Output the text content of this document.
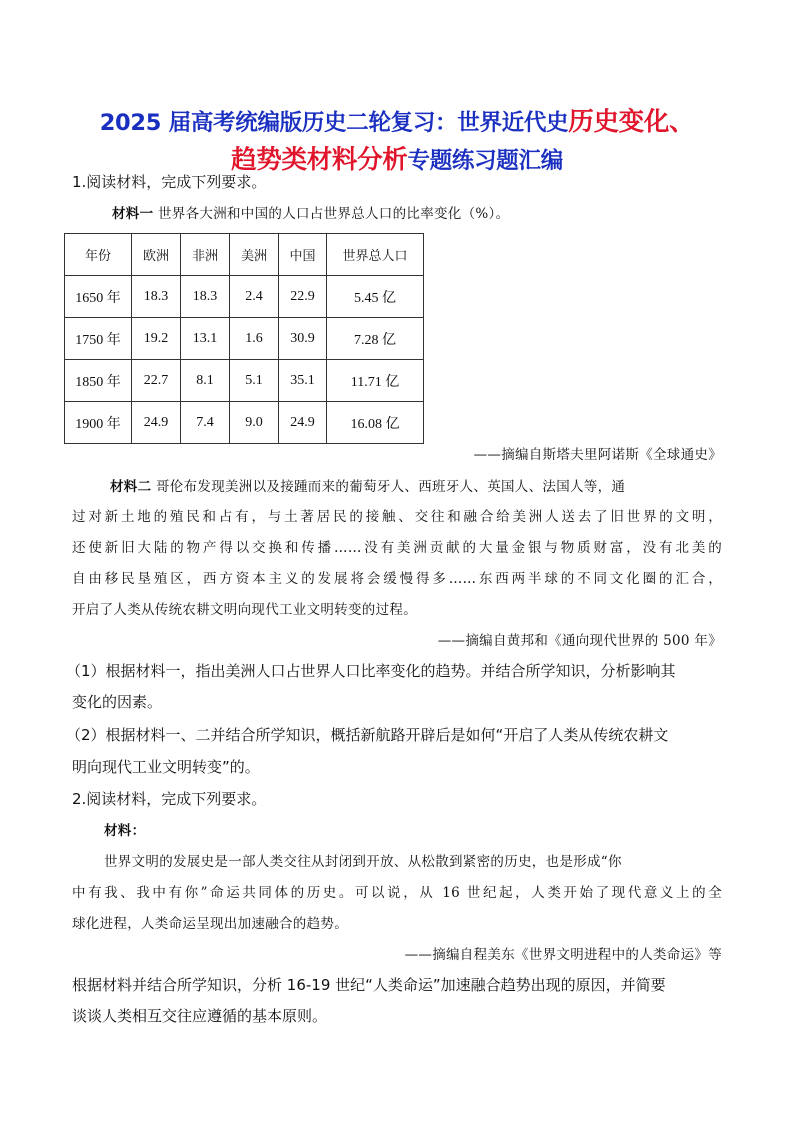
2025 届高考统编版历史二轮复习：世界近代史历史变化、
趋势类材料分析专题练习题汇编
1.阅读材料，完成下列要求。
材料一 世界各大洲和中国的人口占世界总人口的比率变化（%）。
年份	欧洲	非洲	美洲	中国	世界总人口
1650 年	18.3	18.3	2.4	22.9	5.45 亿
1750 年	19.2	13.1	1.6	30.9	7.28 亿
1850 年	22.7	8.1	5.1	35.1	11.71 亿
1900 年	24.9	7.4	9.0	24.9	16.08 亿
——摘编自斯塔夫里阿诺斯《全球通史》
材料二 哥伦布发现美洲以及接踵而来的葡萄牙人、西班牙人、英国人、法国人等，通
过对新土地的殖民和占有，与土著居民的接触、交往和融合给美洲人送去了旧世界的文明，
还使新旧大陆的物产得以交换和传播……没有美洲贡献的大量金银与物质财富，没有北美的
自由移民垦殖区，西方资本主义的发展将会缓慢得多……东西两半球的不同文化圈的汇合，
开启了人类从传统农耕文明向现代工业文明转变的过程。
——摘编自黄邦和《通向现代世界的 500 年》
（1）根据材料一，指出美洲人口占世界人口比率变化的趋势。并结合所学知识，分析影响其
变化的因素。
（2）根据材料一、二并结合所学知识，概括新航路开辟后是如何“开启了人类从传统农耕文
明向现代工业文明转变”的。
2.阅读材料，完成下列要求。
材料：
世界文明的发展史是一部人类交往从封闭到开放、从松散到紧密的历史，也是形成“你
中有我、我中有你”命运共同体的历史。可以说，从 16 世纪起，人类开始了现代意义上的全
球化进程，人类命运呈现出加速融合的趋势。
——摘编自程美东《世界文明进程中的人类命运》等
根据材料并结合所学知识，分析 16-19 世纪“人类命运”加速融合趋势出现的原因，并简要
谈谈人类相互交往应遵循的基本原则。
